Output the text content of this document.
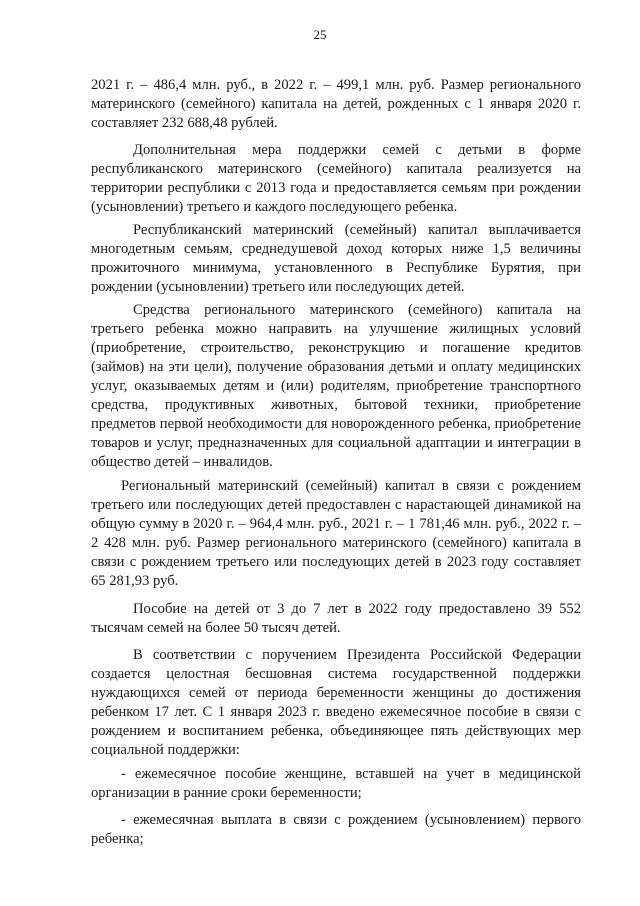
25

2021 г. – 486,4 млн. руб., в 2022 г. – 499,1 млн. руб. Размер регионального материнского (семейного) капитала на детей, рожденных с 1 января 2020 г. составляет 232 688,48 рублей.

Дополнительная мера поддержки семей с детьми в форме республиканского материнского (семейного) капитала реализуется на территории республики с 2013 года и предоставляется семьям при рождении (усыновлении) третьего и каждого последующего ребенка.

Республиканский материнский (семейный) капитал выплачивается многодетным семьям, среднедушевой доход которых ниже 1,5 величины прожиточного минимума, установленного в Республике Бурятия, при рождении (усыновлении) третьего или последующих детей.

Средства регионального материнского (семейного) капитала на третьего ребенка можно направить на улучшение жилищных условий (приобретение, строительство, реконструкцию и погашение кредитов (займов) на эти цели), получение образования детьми и оплату медицинских услуг, оказываемых детям и (или) родителям, приобретение транспортного средства, продуктивных животных, бытовой техники, приобретение предметов первой необходимости для новорожденного ребенка, приобретение товаров и услуг, предназначенных для социальной адаптации и интеграции в общество детей – инвалидов.

Региональный материнский (семейный) капитал в связи с рождением третьего или последующих детей предоставлен с нарастающей динамикой на общую сумму в 2020 г. – 964,4 млн. руб., 2021 г. – 1 781,46 млн. руб., 2022 г. – 2 428 млн. руб. Размер регионального материнского (семейного) капитала в связи с рождением третьего или последующих детей в 2023 году составляет 65 281,93 руб.

Пособие на детей от 3 до 7 лет в 2022 году предоставлено 39 552 тысячам семей на более 50 тысяч детей.

В соответствии с поручением Президента Российской Федерации создается целостная бесшовная система государственной поддержки нуждающихся семей от периода беременности женщины до достижения ребенком 17 лет. С 1 января 2023 г. введено ежемесячное пособие в связи с рождением и воспитанием ребенка, объединяющее пять действующих мер социальной поддержки:

- ежемесячное пособие женщине, вставшей на учет в медицинской организации в ранние сроки беременности;

- ежемесячная выплата в связи с рождением (усыновлением) первого ребенка;
